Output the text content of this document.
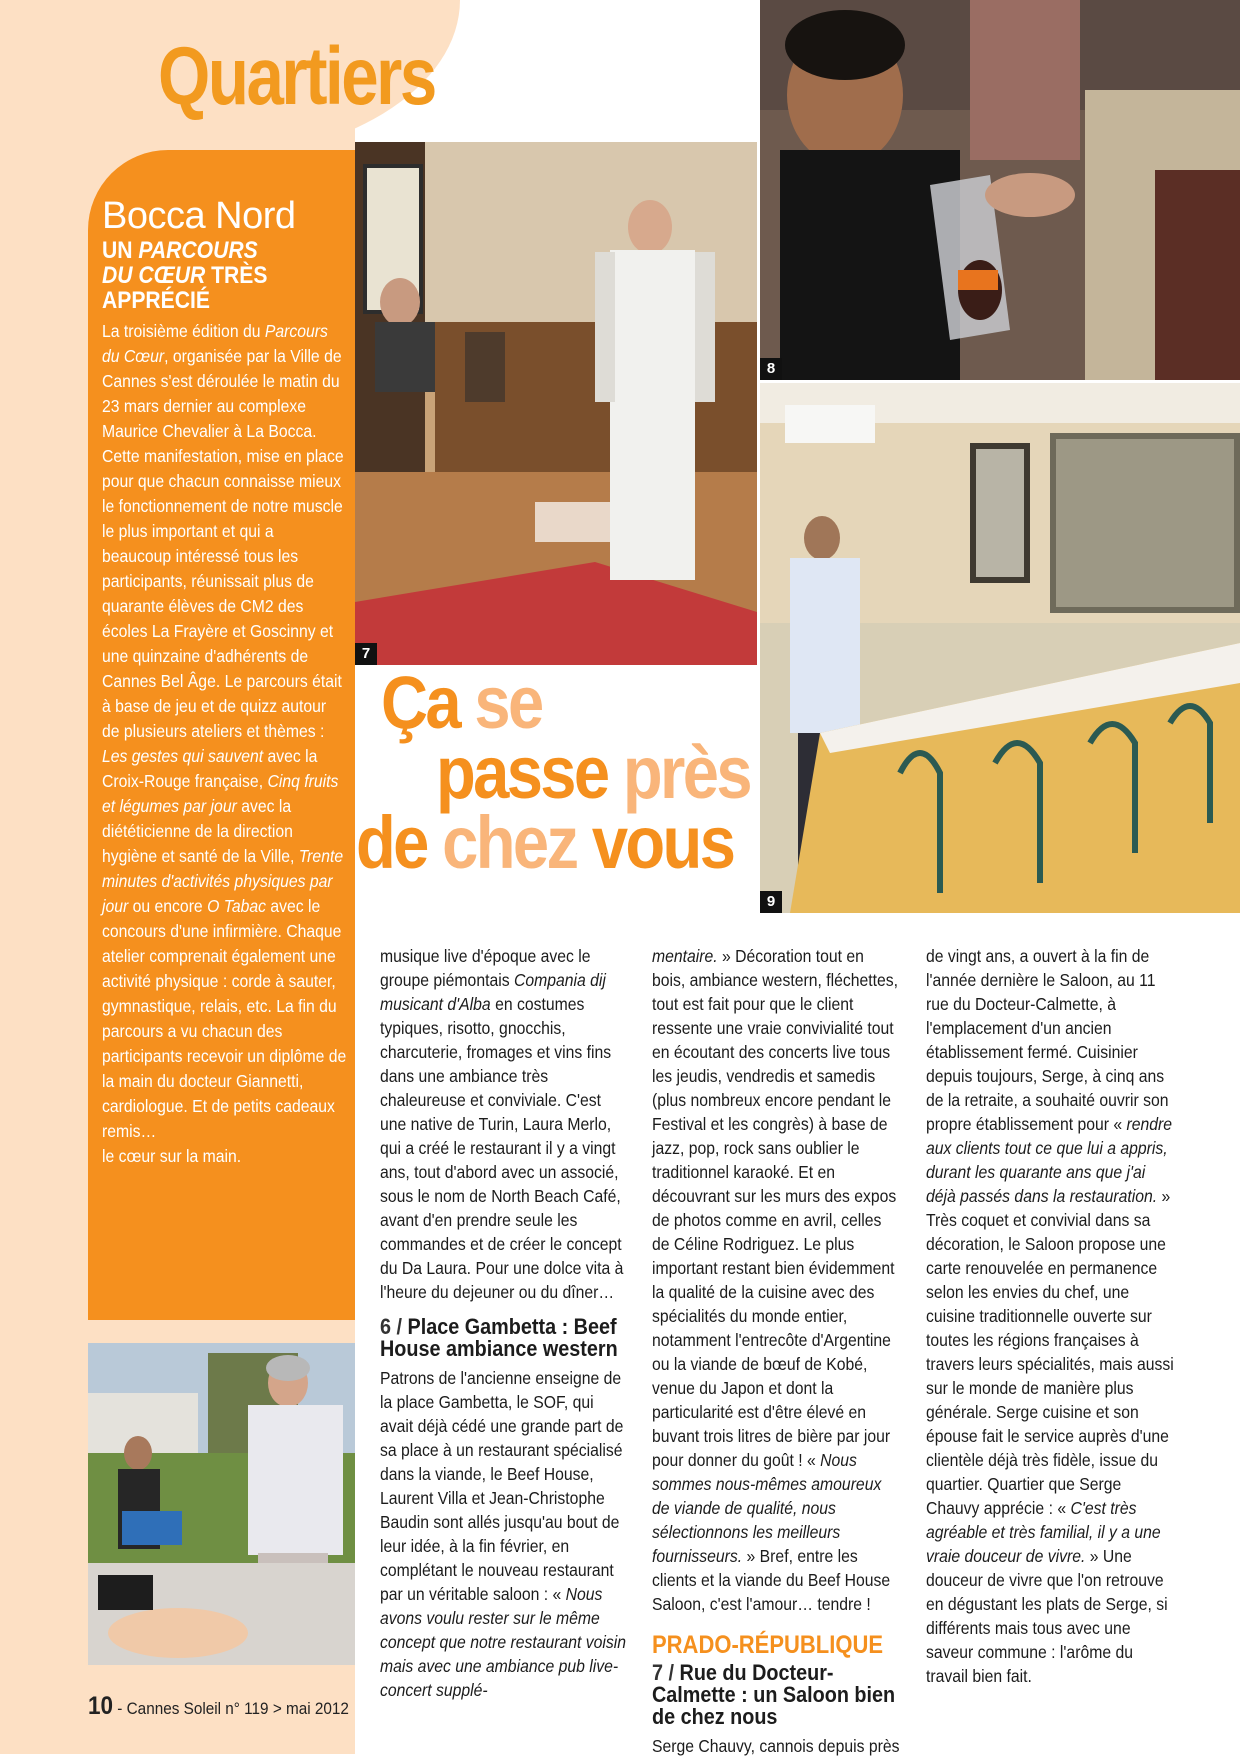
Quartiers
7
8
9
Bocca Nord
UN PARCOURS
DU CŒUR TRÈS
APPRÉCIÉ

La troisième édition du Parcours du Cœur, organisée par la Ville de Cannes s'est déroulée le matin du 23 mars dernier au complexe Maurice Chevalier à La Bocca. Cette manifestation, mise en place pour que chacun connaisse mieux le fonctionnement de notre muscle le plus important et qui a beaucoup intéressé tous les participants, réunissait plus de quarante élèves de CM2 des écoles La Frayère et Goscinny et une quinzaine d'adhérents de Cannes Bel Âge. Le parcours était à base de jeu et de quizz autour de plusieurs ateliers et thèmes : Les gestes qui sauvent avec la Croix-Rouge française, Cinq fruits et légumes par jour avec la diététicienne de la direction hygiène et santé de la Ville, Trente minutes d'activités physiques par jour ou encore O Tabac avec le concours d'une infirmière. Chaque atelier comprenait également une activité physique : corde à sauter, gymnastique, relais, etc. La fin du parcours a vu chacun des participants recevoir un diplôme de la main du docteur Giannetti, cardiologue. Et de petits cadeaux remis…
le cœur sur la main.

Ça se
passe près
de chez vous

musique live d'époque avec le groupe piémontais Compania dij musicant d'Alba en costumes typiques, risotto, gnocchis, charcuterie, fromages et vins fins dans une ambiance très chaleureuse et conviviale. C'est une native de Turin, Laura Merlo, qui a créé le restaurant il y a vingt ans, tout d'abord avec un associé, sous le nom de North Beach Café, avant d'en prendre seule les commandes et de créer le concept du Da Laura. Pour une dolce vita à l'heure du dejeuner ou du dîner…

6 / Place Gambetta : Beef House ambiance western

Patrons de l'ancienne enseigne de la place Gambetta, le SOF, qui avait déjà cédé une grande part de sa place à un restaurant spécialisé dans la viande, le Beef House, Laurent Villa et Jean-Christophe Baudin sont allés jusqu'au bout de leur idée, à la fin février, en complétant le nouveau restaurant par un véritable saloon : « Nous avons voulu rester sur le même concept que notre restaurant voisin mais avec une ambiance pub live-concert supplé-

mentaire. » Décoration tout en bois, ambiance western, fléchettes, tout est fait pour que le client ressente une vraie convivialité tout en écoutant des concerts live tous les jeudis, vendredis et samedis (plus nombreux encore pendant le Festival et les congrès) à base de jazz, pop, rock sans oublier le traditionnel karaoké. Et en découvrant sur les murs des expos de photos comme en avril, celles de Céline Rodriguez. Le plus important restant bien évidemment la qualité de la cuisine avec des spécialités du monde entier, notamment l'entrecôte d'Argentine ou la viande de bœuf de Kobé, venue du Japon et dont la particularité est d'être élevé en buvant trois litres de bière par jour pour donner du goût ! « Nous sommes nous-mêmes amoureux de viande de qualité, nous sélectionnons les meilleurs fournisseurs. » Bref, entre les clients et la viande du Beef House Saloon, c'est l'amour… tendre !

PRADO-RÉPUBLIQUE
7 / Rue du Docteur-Calmette : un Saloon bien de chez nous

Serge Chauvy, cannois depuis près

de vingt ans, a ouvert à la fin de l'année dernière le Saloon, au 11 rue du Docteur-Calmette, à l'emplacement d'un ancien établissement fermé. Cuisinier depuis toujours, Serge, à cinq ans de la retraite, a souhaité ouvrir son propre établissement pour « rendre aux clients tout ce que lui a appris, durant les quarante ans que j'ai déjà passés dans la restauration. » Très coquet et convivial dans sa décoration, le Saloon propose une carte renouvelée en permanence selon les envies du chef, une cuisine traditionnelle ouverte sur toutes les régions françaises à travers leurs spécialités, mais aussi sur le monde de manière plus générale. Serge cuisine et son épouse fait le service auprès d'une clientèle déjà très fidèle, issue du quartier. Quartier que Serge Chauvy apprécie : « C'est très agréable et très familial, il y a une vraie douceur de vivre. » Une douceur de vivre que l'on retrouve en dégustant les plats de Serge, si différents mais tous avec une saveur commune : l'arôme du travail bien fait.

10 - Cannes Soleil n° 119 > mai 2012
